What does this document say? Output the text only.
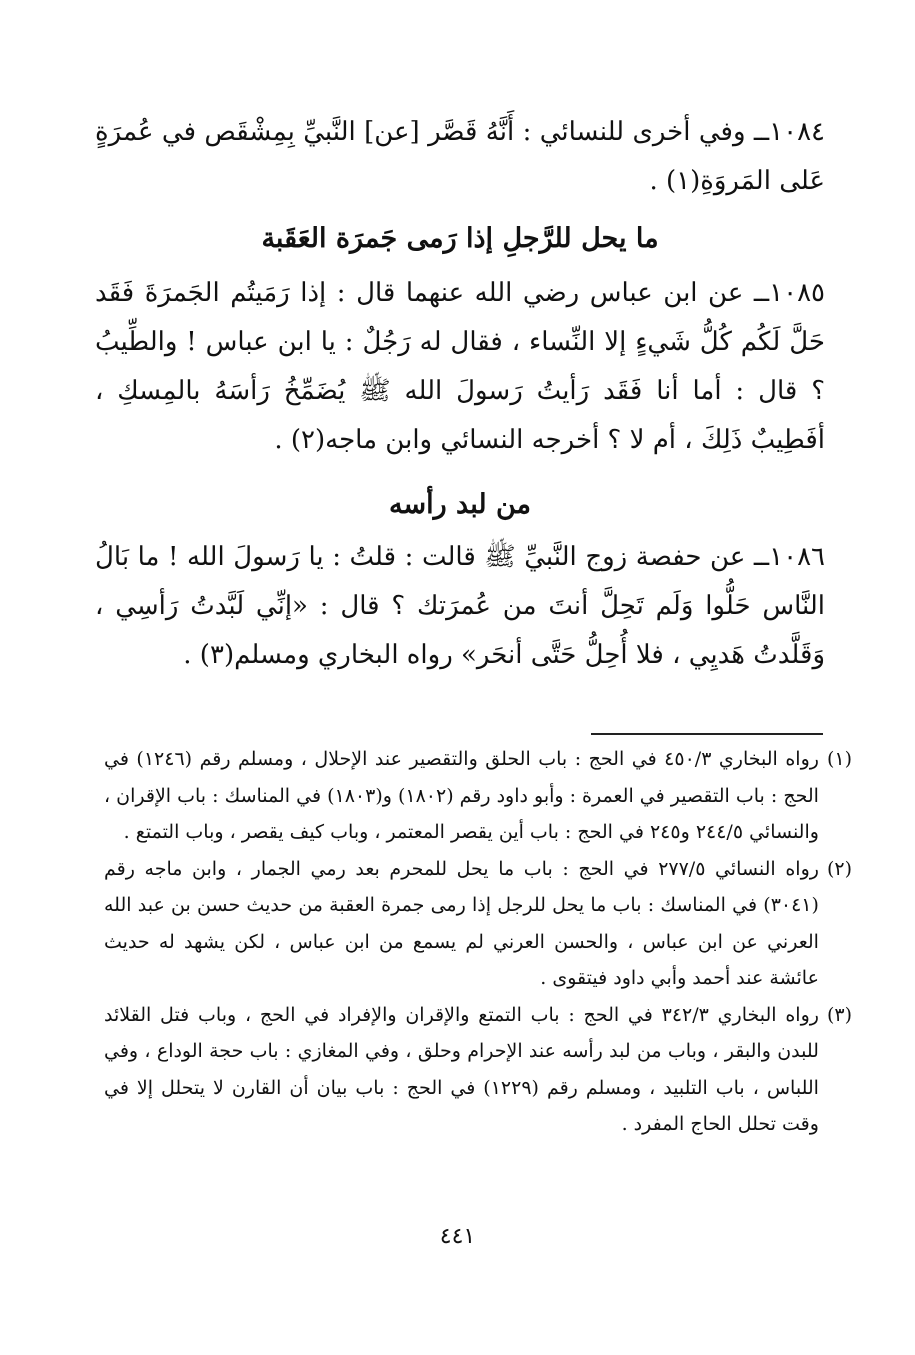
١٠٨٤ــ وفي أخرى للنسائي : أَنَّهُ قَصَّر [عن] النَّبيِّ بِمِشْقَص في عُمرَةٍ عَلى المَروَةِ(١) .

ما يحل للرَّجلِ إذا رَمى جَمرَة العَقَبة

١٠٨٥ــ عن ابن عباس رضي الله عنهما قال : إذا رَمَيتُم الجَمرَةَ فَقَد حَلَّ لَكُم كُلُّ شَيءٍ إلا النِّساء ، فقال له رَجُلٌ : يا ابن عباس ! والطِّيبُ ؟ قال : أما أنا فَقَد رَأيتُ رَسولَ الله ﷺ يُضَمِّخُ رَأسَهُ بالمِسكِ ، أفَطِيبٌ ذَلِكَ ، أم لا ؟ أخرجه النسائي وابن ماجه(٢) .

من لبد رأسه

١٠٨٦ــ عن حفصة زوج النَّبيِّ ﷺ قالت : قلتُ : يا رَسولَ الله ! ما بَالُ النَّاس حَلُّوا وَلَم تَحِلَّ أنتَ من عُمرَتك ؟ قال : «إنِّي لَبَّدتُ رَأسِي ، وَقَلَّدتُ هَديِي ، فلا أُحِلُّ حَتَّى أنحَر» رواه البخاري ومسلم(٣) .

(١)
رواه البخاري ٤٥٠/٣ في الحج : باب الحلق والتقصير عند الإحلال ، ومسلم رقم (١٢٤٦) في الحج : باب التقصير في العمرة : وأبو داود رقم (١٨٠٢) و(١٨٠٣) في المناسك : باب الإقران ، والنسائي ٢٤٤/٥ و٢٤٥ في الحج : باب أين يقصر المعتمر ، وباب كيف يقصر ، وباب التمتع .
(٢)
رواه النسائي ٢٧٧/٥ في الحج : باب ما يحل للمحرم بعد رمي الجمار ، وابن ماجه رقم (٣٠٤١) في المناسك : باب ما يحل للرجل إذا رمى جمرة العقبة من حديث حسن بن عبد الله العرني عن ابن عباس ، والحسن العرني لم يسمع من ابن عباس ، لكن يشهد له حديث عائشة عند أحمد وأبي داود فيتقوى .
(٣)
رواه البخاري ٣٤٢/٣ في الحج : باب التمتع والإقران والإفراد في الحج ، وباب فتل القلائد للبدن والبقر ، وباب من لبد رأسه عند الإحرام وحلق ، وفي المغازي : باب حجة الوداع ، وفي اللباس ، باب التلبيد ، ومسلم رقم (١٢٢٩) في الحج : باب بيان أن القارن لا يتحلل إلا في وقت تحلل الحاج المفرد .
٤٤١
